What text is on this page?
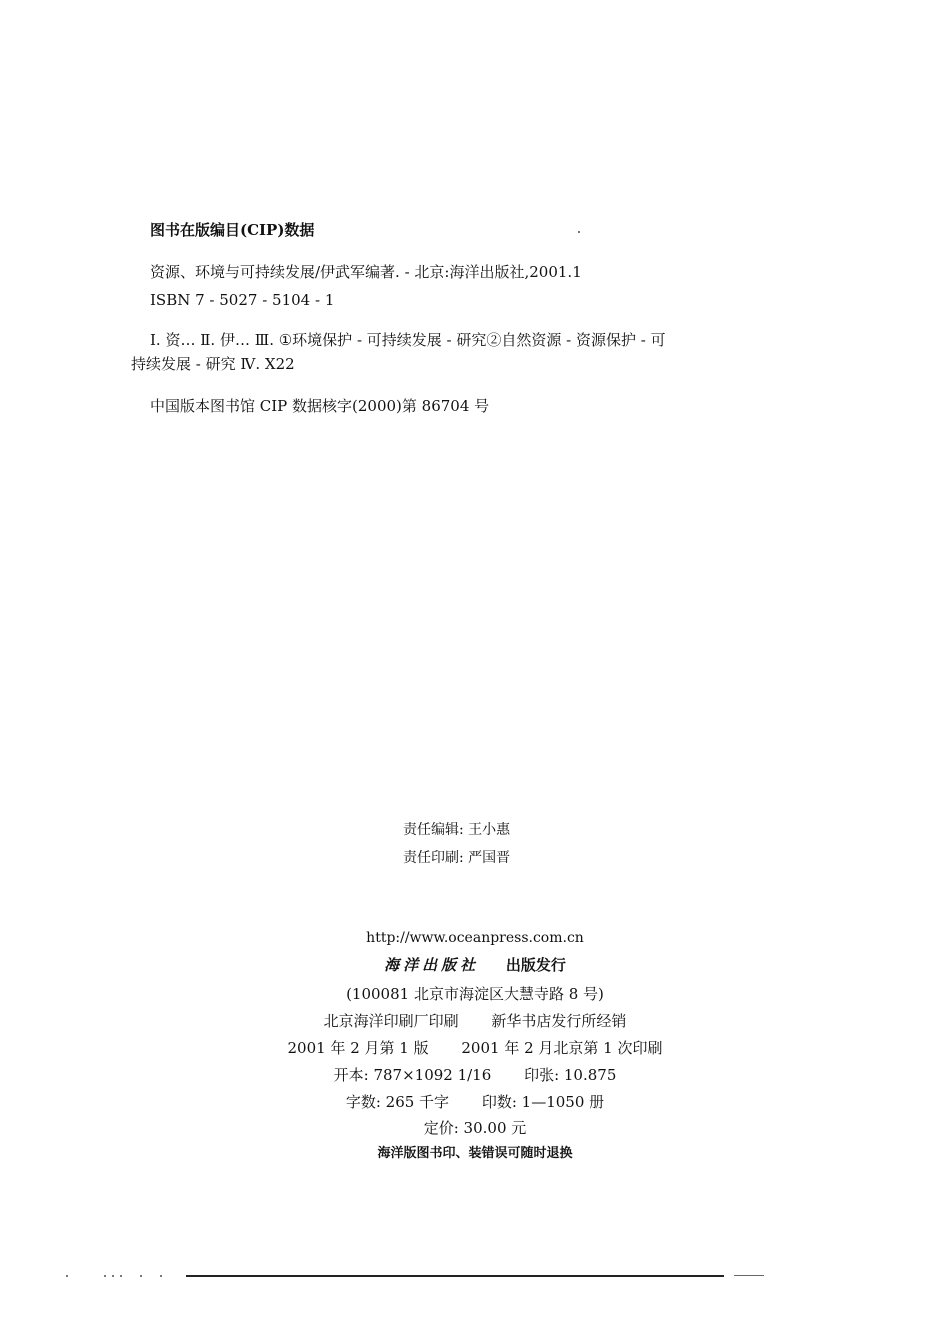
图书在版编目(CIP)数据
资源、环境与可持续发展/伊武军编著. - 北京:海洋出版社,2001.1
ISBN 7 - 5027 - 5104 - 1
Ⅰ. 资… Ⅱ. 伊… Ⅲ. ①环境保护 - 可持续发展 - 研究②自然资源 - 资源保护 - 可
持续发展 - 研究 Ⅳ. X22
中国版本图书馆 CIP 数据核字(2000)第 86704 号
责任编辑: 王小惠
责任印刷: 严国晋
http://www.oceanpress.com.cn
海洋出版社 出版发行
(100081 北京市海淀区大慧寺路 8 号)
北京海洋印刷厂印刷 新华书店发行所经销
2001 年 2 月第 1 版 2001 年 2 月北京第 1 次印刷
开本: 787×1092 1/16 印张: 10.875
字数: 265 千字 印数: 1—1050 册
定价: 30.00 元
海洋版图书印、装错误可随时退换
